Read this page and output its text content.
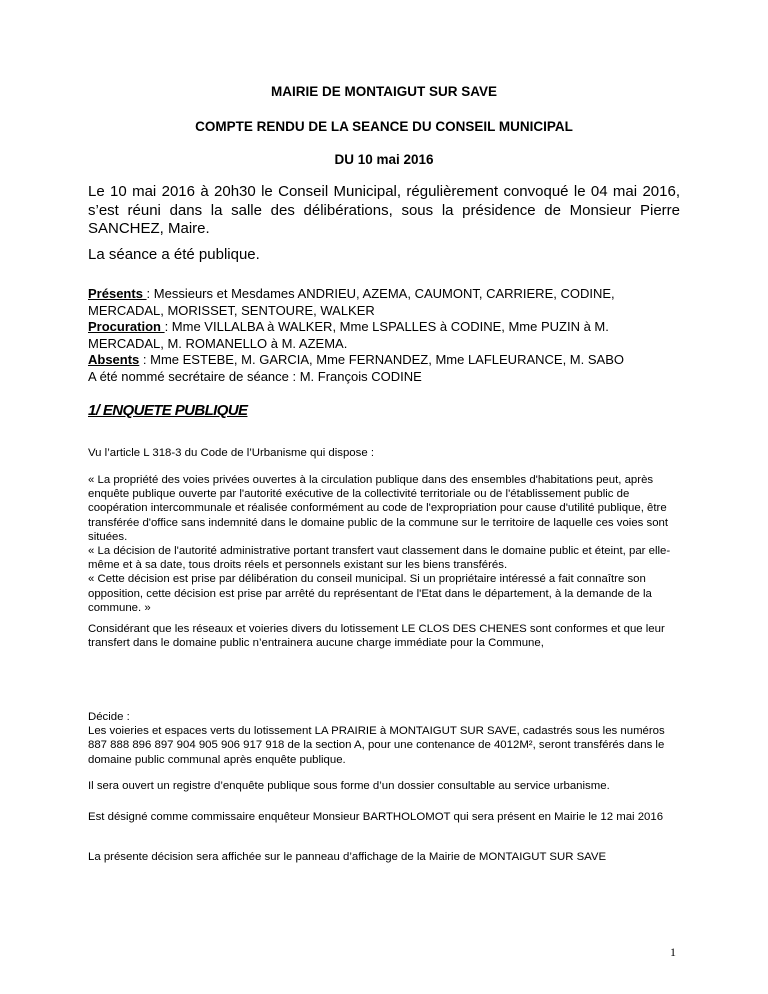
MAIRIE DE MONTAIGUT SUR SAVE
COMPTE RENDU DE LA SEANCE DU CONSEIL MUNICIPAL
DU 10 mai 2016

Le 10 mai 2016 à 20h30 le Conseil Municipal, régulièrement convoqué le 04 mai 2016, s’est réuni dans la salle des délibérations, sous la présidence de Monsieur Pierre SANCHEZ, Maire.

La séance a été publique.

Présents : Messieurs et Mesdames ANDRIEU, AZEMA, CAUMONT, CARRIERE, CODINE, MERCADAL, MORISSET, SENTOURE, WALKER
Procuration : Mme VILLALBA à WALKER, Mme LSPALLES à CODINE, Mme PUZIN à M. MERCADAL, M. ROMANELLO à M. AZEMA.
Absents : Mme ESTEBE, M. GARCIA, Mme FERNANDEZ, Mme LAFLEURANCE, M. SABO
A été nommé secrétaire de séance : M. François CODINE
1/ ENQUETE PUBLIQUE

Vu l’article L 318-3 du Code de l’Urbanisme qui dispose :

« La propriété des voies privées ouvertes à la circulation publique dans des ensembles d'habitations peut, après enquête publique ouverte par l'autorité exécutive de la collectivité territoriale ou de l'établissement public de coopération intercommunale et réalisée conformément au code de l'expropriation pour cause d'utilité publique, être transférée d'office sans indemnité dans le domaine public de la commune sur le territoire de laquelle ces voies sont situées.

« La décision de l'autorité administrative portant transfert vaut classement dans le domaine public et éteint, par elle-même et à sa date, tous droits réels et personnels existant sur les biens transférés.

« Cette décision est prise par délibération du conseil municipal. Si un propriétaire intéressé a fait connaître son opposition, cette décision est prise par arrêté du représentant de l'Etat dans le département, à la demande de la commune. »

Considérant que les réseaux et voieries divers du lotissement LE CLOS DES CHENES sont conformes et que leur transfert dans le domaine public n’entrainera aucune charge immédiate pour la Commune,

Décide :

Les voieries et espaces verts du lotissement LA PRAIRIE à MONTAIGUT SUR SAVE, cadastrés sous les numéros 887 888 896 897 904 905 906 917 918 de la section A, pour une contenance de 4012M², seront transférés dans le domaine public communal après enquête publique.

Il sera ouvert un registre d’enquête publique sous forme d’un dossier consultable au service urbanisme.

Est désigné comme commissaire enquêteur Monsieur BARTHOLOMOT qui sera présent en Mairie le 12 mai 2016

La présente décision sera affichée sur le panneau d’affichage de la Mairie de MONTAIGUT SUR SAVE

1
